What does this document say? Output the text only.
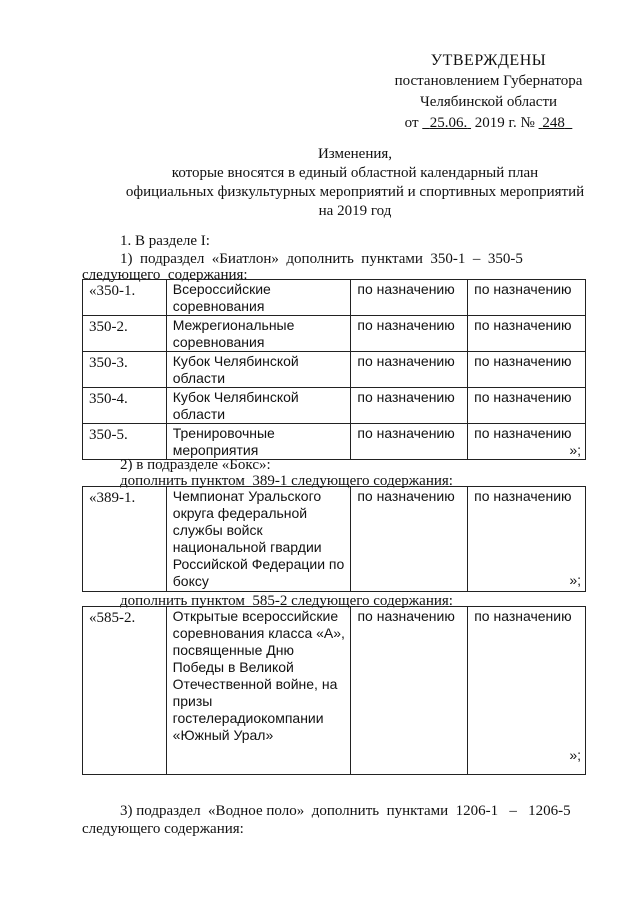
УТВЕРЖДЕНЫ
постановлением Губернатора
Челябинской области
от 25.06. 2019 г. № 248
Изменения,
которые вносятся в единый областной календарный план
официальных физкультурных мероприятий и спортивных мероприятий
на 2019 год
1. В разделе I:
1)  подраздел  «Биатлон»  дополнить  пунктами  350-1  –  350-5
следующего  содержания:
«350-1.	Всероссийские соревнования	по назначению	по назначению
350-2.	Межрегиональные соревнования	по назначению	по назначению
350-3.	Кубок Челябинской области	по назначению	по назначению
350-4.	Кубок Челябинской области	по назначению	по назначению
350-5.	Тренировочные мероприятия	по назначению	по назначению
»;
2) в подразделе «Бокс»:
дополнить пунктом  389-1 следующего содержания:
«389-1.	Чемпионат Уральского округа федеральной службы войск национальной гвардии Российской Федерации по боксу	по назначению	по назначению
»;
дополнить пунктом  585-2 следующего содержания:
«585-2.	Открытые всероссийские соревнования класса «А», посвященные Дню Победы в Великой Отечественной войне, на призы гостелерадиокомпании «Южный Урал»	по назначению	по назначению
»;
3) подраздел  «Водное поло»  дополнить  пунктами  1206-1   –   1206-5
следующего содержания:
